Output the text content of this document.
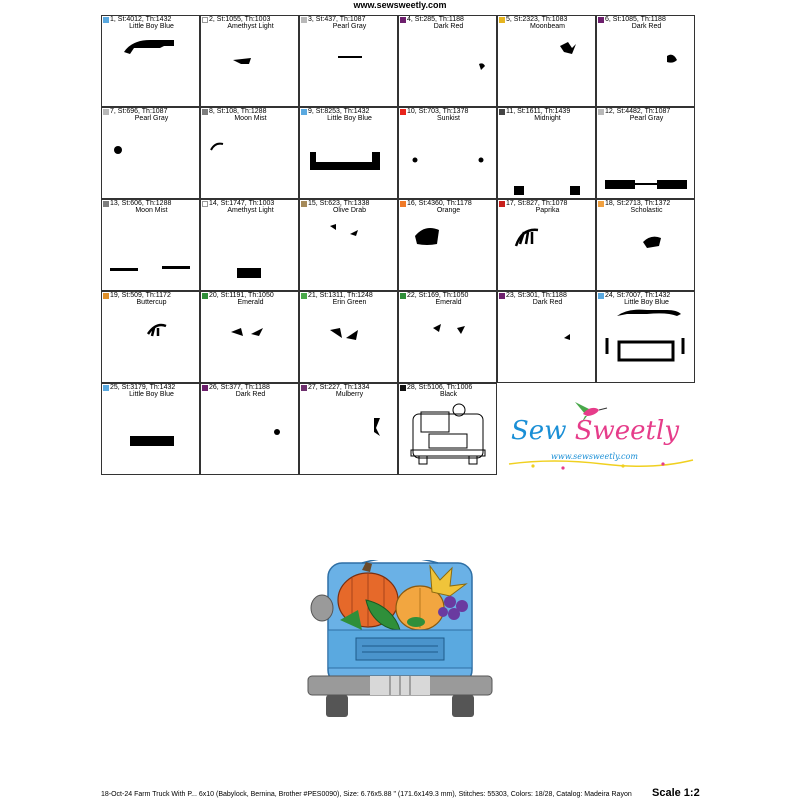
www.sewsweetly.com
1, St:4012, Th:1432
Little Boy Blue
2, St:1055, Th:1003
Amethyst Light
3, St:437, Th:1087
Pearl Gray
4, St:285, Th:1188
Dark Red
5, St:2323, Th:1083
Moonbeam
6, St:1085, Th:1188
Dark Red
7, St:696, Th:1087
Pearl Gray
8, St:108, Th:1288
Moon Mist
9, St:8253, Th:1432
Little Boy Blue
10, St:703, Th:1378
Sunkist
11, St:1611, Th:1439
Midnight
12, St:4482, Th:1087
Pearl Gray
13, St:606, Th:1288
Moon Mist
14, St:1747, Th:1003
Amethyst Light
15, St:623, Th:1338
Olive Drab
16, St:4360, Th:1178
Orange
17, St:827, Th:1078
Paprika
18, St:2713, Th:1372
Scholastic
19, St:509, Th:1172
Buttercup
20, St:1191, Th:1050
Emerald
21, St:1311, Th:1248
Erin Green
22, St:169, Th:1050
Emerald
23, St:301, Th:1188
Dark Red
24, St:7007, Th:1432
Little Boy Blue
25, St:3179, Th:1432
Little Boy Blue
26, St:377, Th:1188
Dark Red
27, St:227, Th:1334
Mulberry
28, St:5106, Th:1006
Black
Sew Sweetly
www.sewsweetly.com
18-Oct-24 Farm Truck With P... 6x10 (Babylock, Bernina, Brother #PES0090), Size: 6.76x5.88 " (171.6x149.3 mm), Stitches: 55303, Colors: 18/28, Catalog: Madeira Rayon Scale 1:2
